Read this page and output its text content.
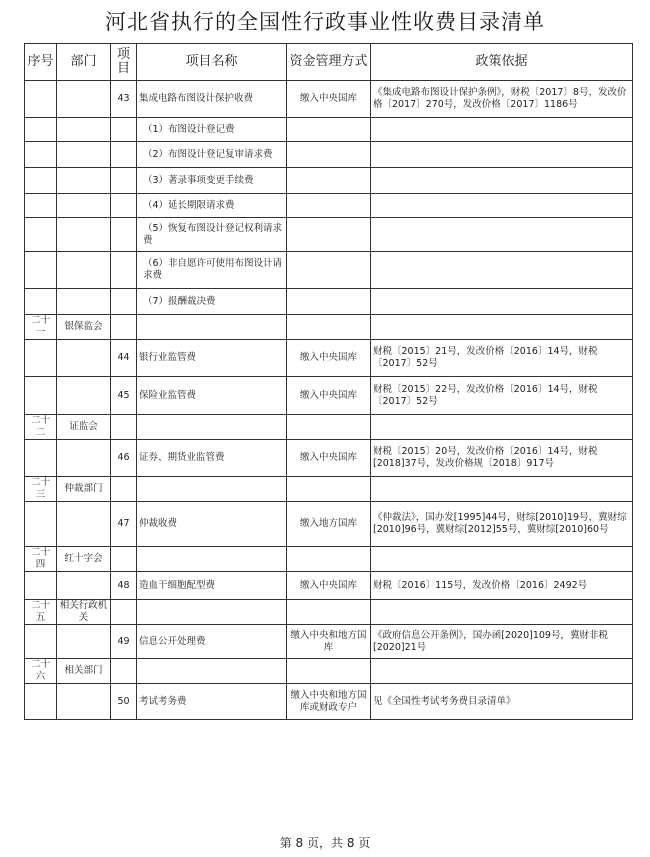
河北省执行的全国性行政事业性收费目录清单
序号	部门	项目	项目名称	资金管理方式	政策依据
		43	集成电路布图设计保护收费	缴入中央国库	《集成电路布图设计保护条例》，财税〔2017〕8号，发改价格〔2017〕270号，发改价格〔2017〕1186号
			（1）布图设计登记费		
			（2）布图设计登记复审请求费		
			（3）著录事项变更手续费		
			（4）延长期限请求费		
			（5）恢复布图设计登记权利请求费		
			（6）非自愿许可使用布图设计请求费		
			（7）报酬裁决费		
二十一	银保监会				
		44	银行业监管费	缴入中央国库	财税〔2015〕21号，发改价格〔2016〕14号，财税〔2017〕52号
		45	保险业监管费	缴入中央国库	财税〔2015〕22号，发改价格〔2016〕14号，财税〔2017〕52号
二十二	证监会				
		46	证券、期货业监管费	缴入中央国库	财税〔2015〕20号，发改价格〔2016〕14号，财税[2018]37号，发改价格规〔2018〕917号
二十三	仲裁部门				
		47	仲裁收费	缴入地方国库	《仲裁法》，国办发[1995]44号，财综[2010]19号，冀财综[2010]96号，冀财综[2012]55号，冀财综[2010]60号
二十四	红十字会				
		48	造血干细胞配型费	缴入中央国库	财税〔2016〕115号，发改价格〔2016〕2492号
二十五	相关行政机关				
		49	信息公开处理费	缴入中央和地方国库	《政府信息公开条例》，国办函[2020]109号，冀财非税[2020]21号
二十六	相关部门				
		50	考试考务费	缴入中央和地方国库或财政专户	见《全国性考试考务费目录清单》
第 8 页，共 8 页
